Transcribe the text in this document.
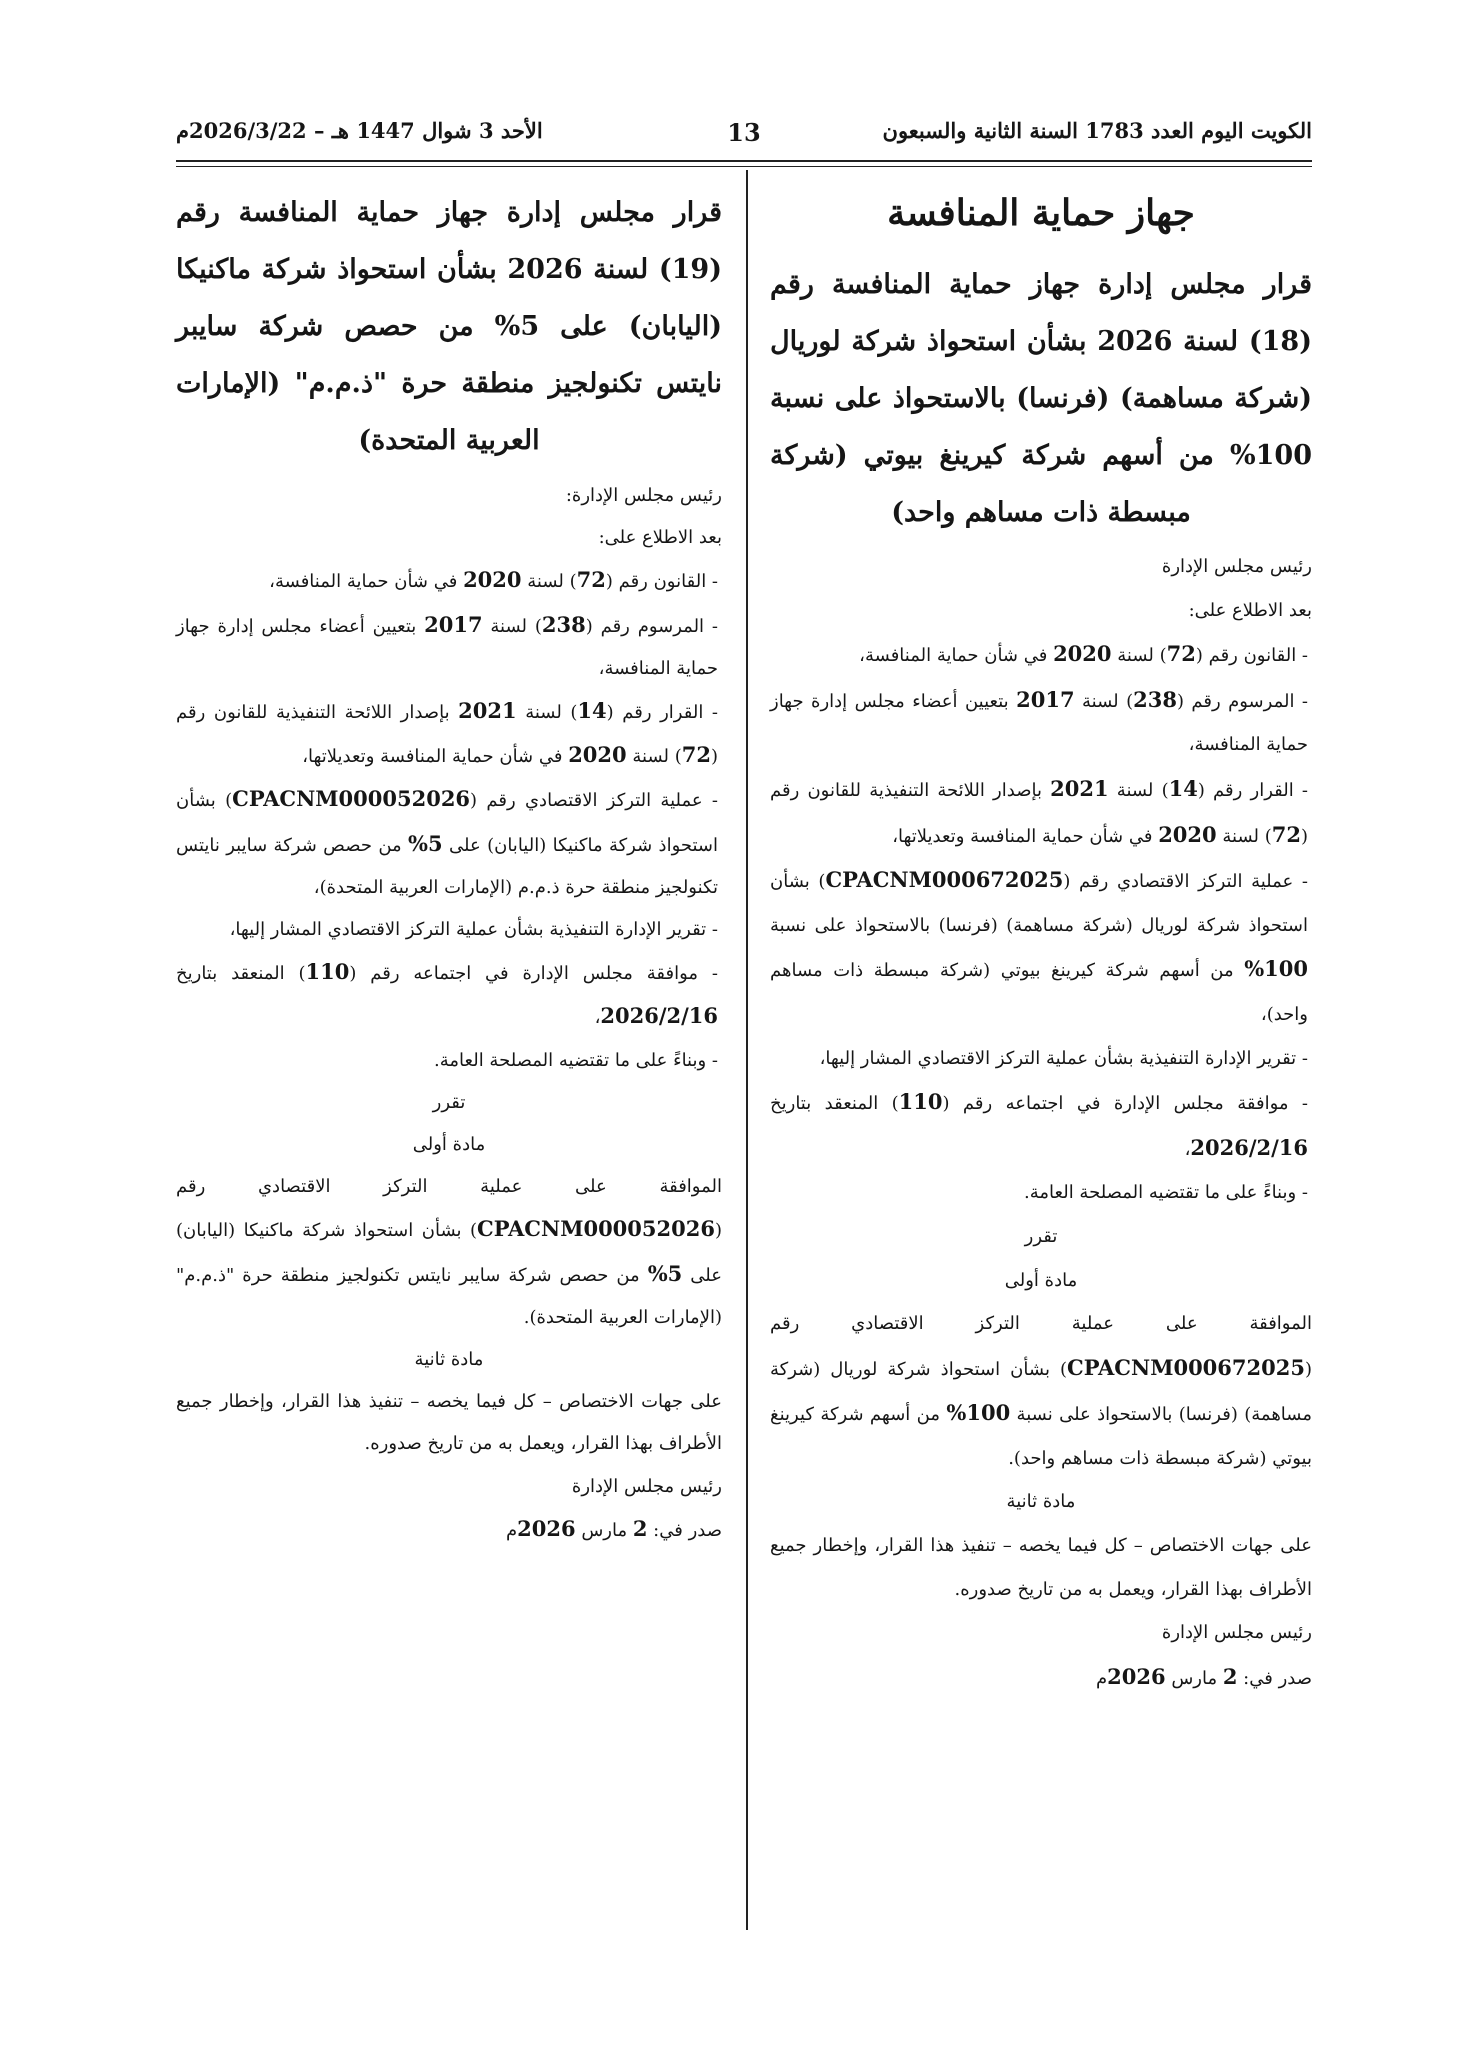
الأحد 3 شوال 1447 هـ – 2026/3/22م	13	الكويت اليوم العدد 1783 السنة الثانية والسبعون
جهاز حماية المنافسة
قرار مجلس إدارة جهاز حماية المنافسة رقم (18) لسنة 2026 بشأن استحواذ شركة لوريال (شركة مساهمة) (فرنسا) بالاستحواذ على نسبة 100% من أسهم شركة كيرينغ بيوتي (شركة مبسطة ذات مساهم واحد)

رئيس مجلس الإدارة

بعد الاطلاع على:

- القانون رقم (72) لسنة 2020 في شأن حماية المنافسة،

- المرسوم رقم (238) لسنة 2017 بتعيين أعضاء مجلس إدارة جهاز حماية المنافسة،

- القرار رقم (14) لسنة 2021 بإصدار اللائحة التنفيذية للقانون رقم (72) لسنة 2020 في شأن حماية المنافسة وتعديلاتها،

- عملية التركز الاقتصادي رقم (CPACNM000672025) بشأن استحواذ شركة لوريال (شركة مساهمة) (فرنسا) بالاستحواذ على نسبة 100% من أسهم شركة كيرينغ بيوتي (شركة مبسطة ذات مساهم واحد)،

- تقرير الإدارة التنفيذية بشأن عملية التركز الاقتصادي المشار إليها،

- موافقة مجلس الإدارة في اجتماعه رقم (110) المنعقد بتاريخ 2026/2/16،

- وبناءً على ما تقتضيه المصلحة العامة.

تقرر

مادة أولى

الموافقة على عملية التركز الاقتصادي رقم (CPACNM000672025) بشأن استحواذ شركة لوريال (شركة مساهمة) (فرنسا) بالاستحواذ على نسبة 100% من أسهم شركة كيرينغ بيوتي (شركة مبسطة ذات مساهم واحد).

مادة ثانية

على جهات الاختصاص – كل فيما يخصه – تنفيذ هذا القرار، وإخطار جميع الأطراف بهذا القرار، ويعمل به من تاريخ صدوره.

رئيس مجلس الإدارة

صدر في: 2 مارس 2026م

قرار مجلس إدارة جهاز حماية المنافسة رقم (19) لسنة 2026 بشأن استحواذ شركة ماكنيكا (اليابان) على 5% من حصص شركة سايبر نايتس تكنولجيز منطقة حرة "ذ.م.م" (الإمارات العربية المتحدة)

رئيس مجلس الإدارة:

بعد الاطلاع على:

- القانون رقم (72) لسنة 2020 في شأن حماية المنافسة،

- المرسوم رقم (238) لسنة 2017 بتعيين أعضاء مجلس إدارة جهاز حماية المنافسة،

- القرار رقم (14) لسنة 2021 بإصدار اللائحة التنفيذية للقانون رقم (72) لسنة 2020 في شأن حماية المنافسة وتعديلاتها،

- عملية التركز الاقتصادي رقم (CPACNM000052026) بشأن استحواذ شركة ماكنيكا (اليابان) على 5% من حصص شركة سايبر نايتس تكنولجيز منطقة حرة ذ.م.م (الإمارات العربية المتحدة)،

- تقرير الإدارة التنفيذية بشأن عملية التركز الاقتصادي المشار إليها،

- موافقة مجلس الإدارة في اجتماعه رقم (110) المنعقد بتاريخ 2026/2/16،

- وبناءً على ما تقتضيه المصلحة العامة.

تقرر

مادة أولى

الموافقة على عملية التركز الاقتصادي رقم (CPACNM000052026) بشأن استحواذ شركة ماكنيكا (اليابان) على 5% من حصص شركة سايبر نايتس تكنولجيز منطقة حرة "ذ.م.م" (الإمارات العربية المتحدة).

مادة ثانية

على جهات الاختصاص – كل فيما يخصه – تنفيذ هذا القرار، وإخطار جميع الأطراف بهذا القرار، ويعمل به من تاريخ صدوره.

رئيس مجلس الإدارة

صدر في: 2 مارس 2026م
